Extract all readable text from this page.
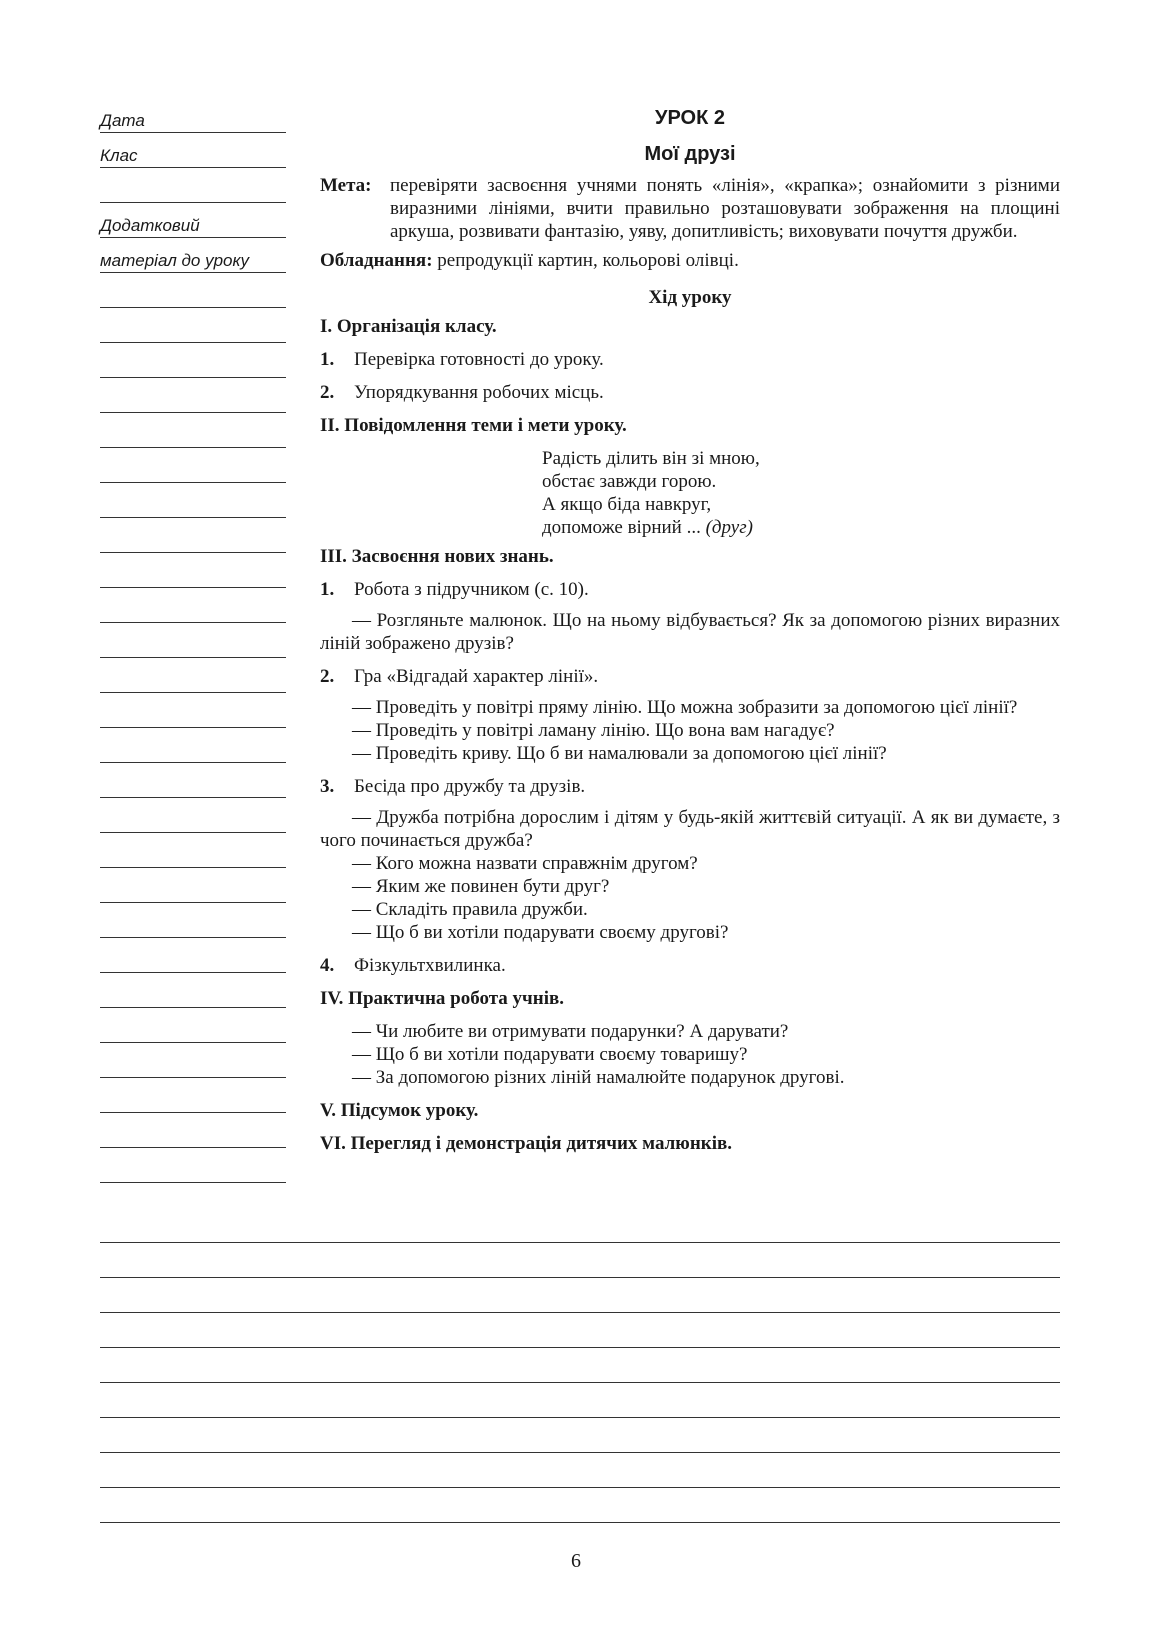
Дата
Клас
Додатковий
матеріал до уроку
УРОК 2
Мої друзі
Мета: перевіряти засвоєння учнями понять «лінія», «крапка»; ознайомити з різними виразними лініями, вчити правильно розташовувати зображення на площині аркуша, розвивати фантазію, уяву, допитливість; виховувати почуття дружби.
Обладнання: репродукції картин, кольорові олівці.
Хід уроку
І. Організація класу.
1. Перевірка готовності до уроку.
2. Упорядкування робочих місць.
ІІ. Повідомлення теми і мети уроку.
Радість ділить він зі мною,
обстає завжди горою.
А якщо біда навкруг,
допоможе вірний ... (друг)
ІІІ. Засвоєння нових знань.
1. Робота з підручником (с. 10).
— Розгляньте малюнок. Що на ньому відбувається? Як за допомогою різних виразних ліній зображено друзів?
2. Гра «Відгадай характер лінії».
— Проведіть у повітрі пряму лінію. Що можна зобразити за допомогою цієї лінії?
— Проведіть у повітрі ламану лінію. Що вона вам нагадує?
— Проведіть криву. Що б ви намалювали за допомогою цієї лінії?
3. Бесіда про дружбу та друзів.
— Дружба потрібна дорослим і дітям у будь-якій життєвій ситуації. А як ви думаєте, з чого починається дружба?
— Кого можна назвати справжнім другом?
— Яким же повинен бути друг?
— Складіть правила дружби.
— Що б ви хотіли подарувати своєму другові?
4. Фізкультхвилинка.
IV. Практична робота учнів.
— Чи любите ви отримувати подарунки? А дарувати?
— Що б ви хотіли подарувати своєму товаришу?
— За допомогою різних ліній намалюйте подарунок другові.
V. Підсумок уроку.
VI. Перегляд і демонстрація дитячих малюнків.
6
